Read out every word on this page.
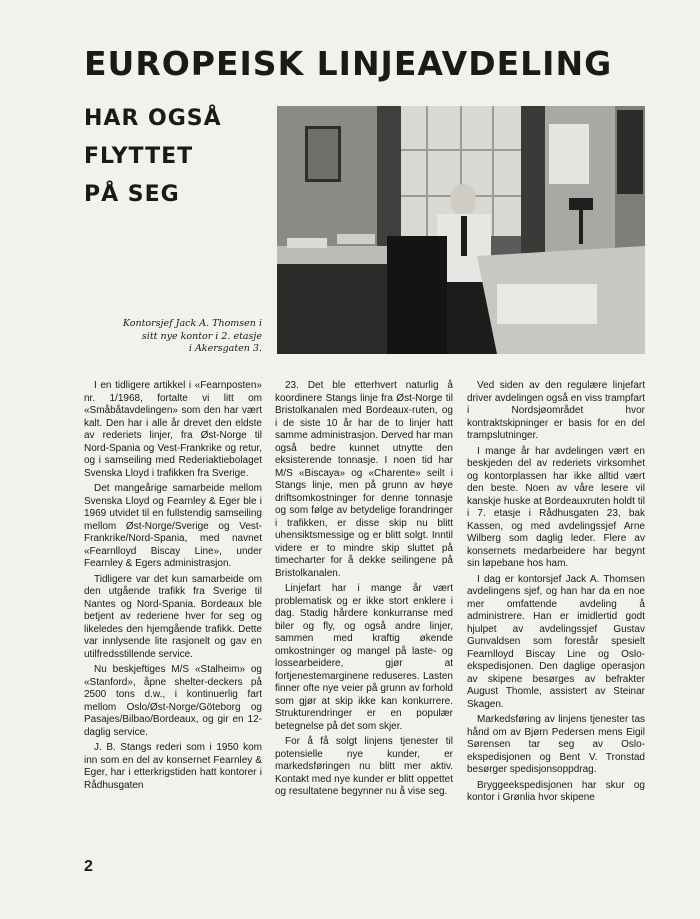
EUROPEISK LINJEAVDELING
HAR OGSÅ
FLYTTET
PÅ SEG
Kontorsjef Jack A. Thomsen i
sitt nye kontor i 2. etasje
i Akersgaten 3.

I en tidligere artikkel i «Fearnposten» nr. 1/1968, fortalte vi litt om «Småbåtavdelingen» som den har vært kalt. Den har i alle år drevet den eldste av rederiets linjer, fra Øst-Norge til Nord-Spania og Vest-Frankrike og retur, og i samseiling med Rederiaktiebolaget Svenska Lloyd i trafikken fra Sverige.

Det mangeårige samarbeide mellom Svenska Lloyd og Fearnley & Eger ble i 1969 utvidet til en fullstendig samseiling mellom Øst-Norge/Sverige og Vest-Frankrike/Nord-Spania, med navnet «Fearnlloyd Biscay Line», under Fearnley & Egers administrasjon.

Tidligere var det kun samarbeide om den utgående trafikk fra Sverige til Nantes og Nord-Spania. Bordeaux ble betjent av rederiene hver for seg og likeledes den hjemgående trafikk. Dette var innlysende lite rasjonelt og gav en utilfredsstillende service.

Nu beskjeftiges M/S «Stalheim» og «Stanford», åpne shelter-deckers på 2500 tons d.w., i kontinuerlig fart mellom Oslo/Øst-Norge/Göteborg og Pasajes/Bilbao/Bordeaux, og gir en 12-daglig service.

J. B. Stangs rederi som i 1950 kom inn som en del av konsernet Fearnley & Eger, har i etterkrigstiden hatt kontorer i Rådhusgaten

23. Det ble etterhvert naturlig å koordinere Stangs linje fra Øst-Norge til Bristolkanalen med Bordeaux-ruten, og i de siste 10 år har de to linjer hatt samme administrasjon. Derved har man også bedre kunnet utnytte den eksisterende tonnasje. I noen tid har M/S «Biscaya» og «Charente» seilt i Stangs linje, men på grunn av høye driftsomkostninger for denne tonnasje og som følge av betydelige forandringer i trafikken, er disse skip nu blitt uhensiktsmessige og er blitt solgt. Inntil videre er to mindre skip sluttet på timecharter for å dekke seilingene på Bristolkanalen.

Linjefart har i mange år vært problematisk og er ikke stort enklere i dag. Stadig hårdere konkurranse med biler og fly, og også andre linjer, sammen med kraftig økende omkostninger og mangel på laste- og lossearbeidere, gjør at fortjenestemarginene reduseres. Lasten finner ofte nye veier på grunn av forhold som gjør at skip ikke kan konkurrere. Strukturendringer er en populær betegnelse på det som skjer.

For å få solgt linjens tjenester til potensielle nye kunder, er markedsføringen nu blitt mer aktiv. Kontakt med nye kunder er blitt oppettet og resultatene begynner nu å vise seg.

Ved siden av den regulære linjefart driver avdelingen også en viss trampfart i Nordsjøområdet hvor kontraktskipninger er basis for en del trampslutninger.

I mange år har avdelingen vært en beskjeden del av rederiets virksomhet og kontorplassen har ikke alltid vært den beste. Noen av våre lesere vil kanskje huske at Bordeauxruten holdt til i 7. etasje i Rådhusgaten 23, bak Kassen, og med avdelingssjef Arne Wilberg som daglig leder. Flere av konsernets medarbeidere har begynt sin løpebane hos ham.

I dag er kontorsjef Jack A. Thomsen avdelingens sjef, og han har da en noe mer omfattende avdeling å administrere. Han er imidlertid godt hjulpet av avdelingssjef Gustav Gunvaldsen som forestår spesielt Fearnlloyd Biscay Line og Oslo-ekspedisjonen. Den daglige operasjon av skipene besørges av befrakter August Thomle, assistert av Steinar Skagen.

Markedsføring av linjens tjenester tas hånd om av Bjørn Pedersen mens Eigil Sørensen tar seg av Oslo-ekspedisjonen og Bent V. Tronstad besørger spedisjonsoppdrag.

Bryggeekspedisjonen har skur og kontor i Grønlia hvor skipene

2
